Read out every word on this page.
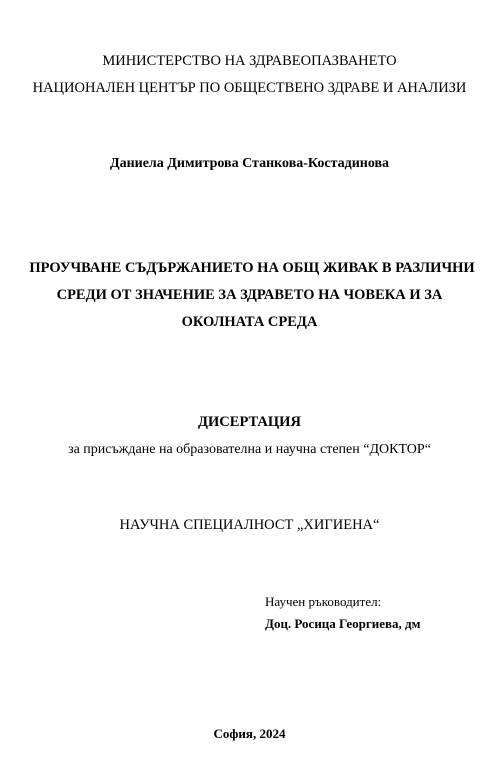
МИНИСТЕРСТВО НА ЗДРАВЕОПАЗВАНЕТО
НАЦИОНАЛЕН ЦЕНТЪР ПО ОБЩЕСТВЕНО ЗДРАВЕ И АНАЛИЗИ
Даниела Димитрова Станкова-Костадинова
ПРОУЧВАНЕ СЪДЪРЖАНИЕТО НА ОБЩ ЖИВАК В РАЗЛИЧНИ
СРЕДИ ОТ ЗНАЧЕНИЕ ЗА ЗДРАВЕТО НА ЧОВЕКА И ЗА
ОКОЛНАТА СРЕДА
ДИСЕРТАЦИЯ
за присъждане на образователна и научна степен “ДОКТОР“
НАУЧНА СПЕЦИАЛНОСТ „ХИГИЕНА“
Научен ръководител:
Доц. Росица Георгиева, дм
София, 2024
